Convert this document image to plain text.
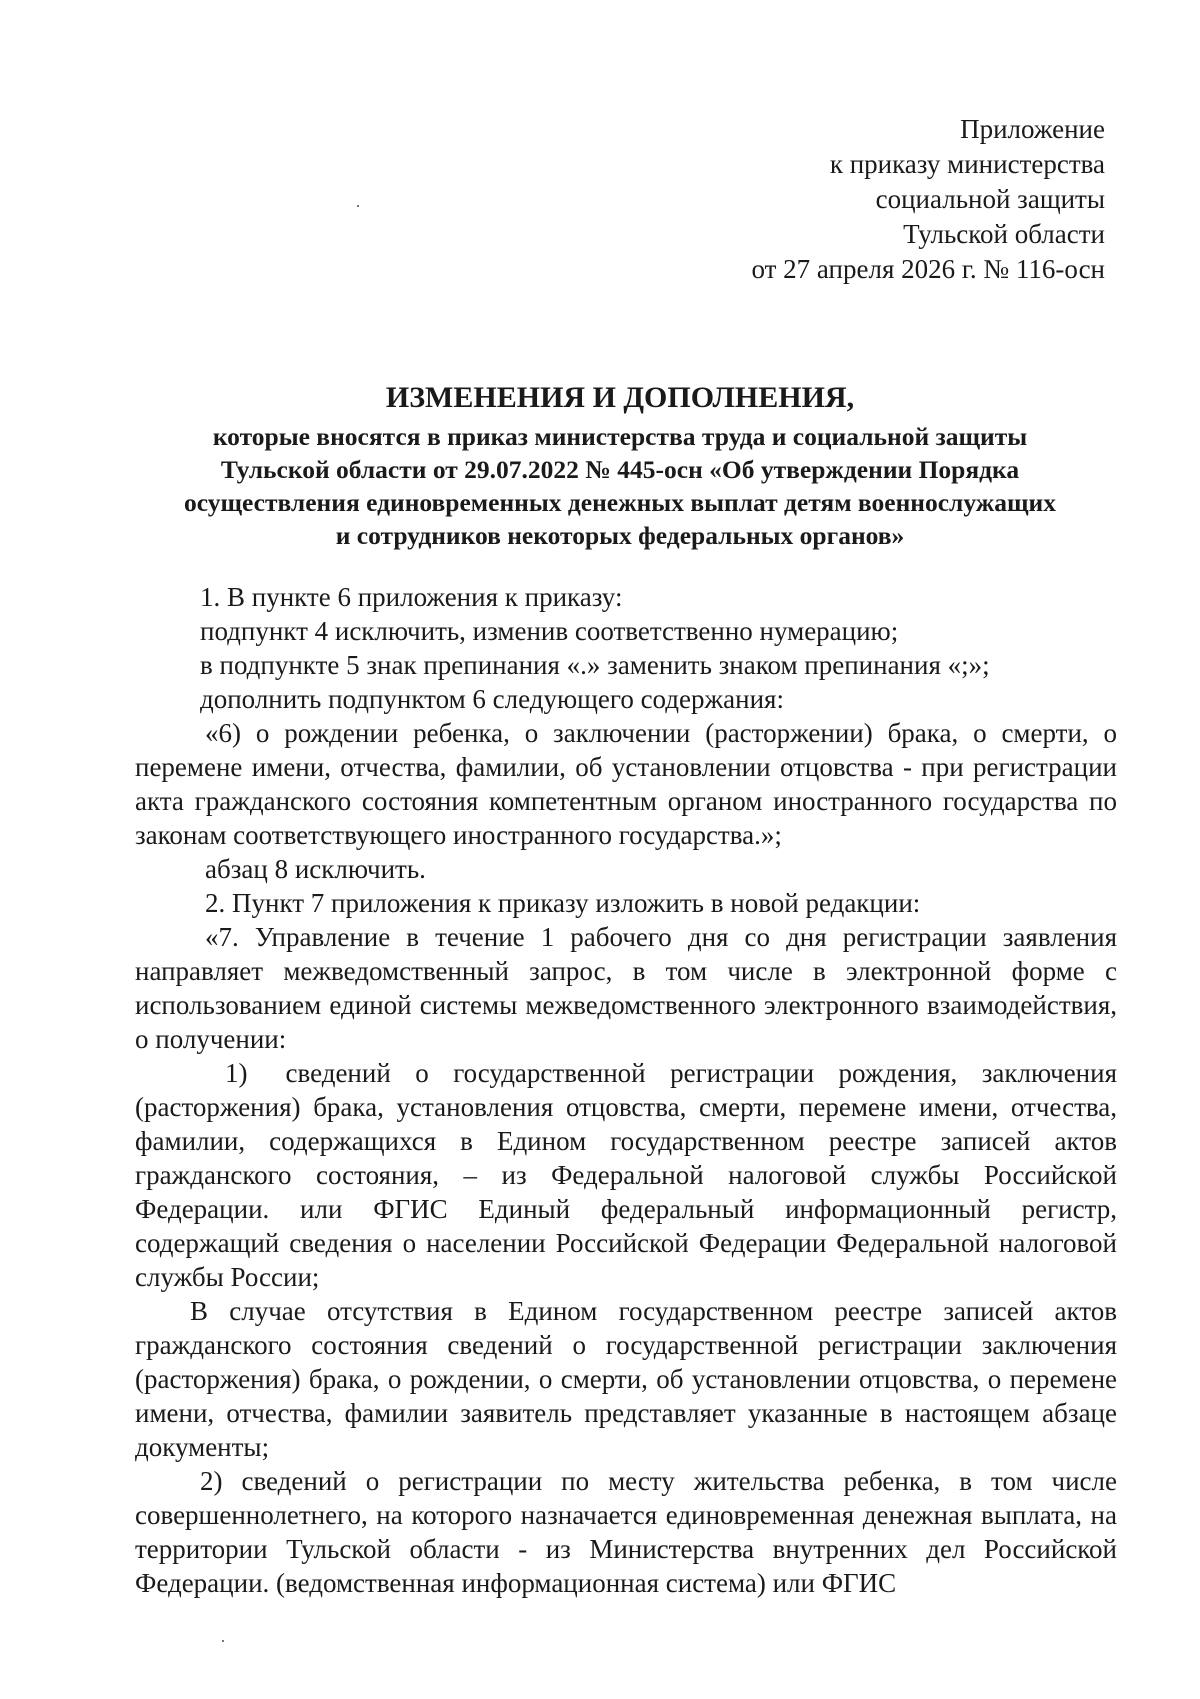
Приложение
к приказу министерства
социальной защиты
Тульской области
от 27 апреля 2026 г. № 116-осн
ИЗМЕНЕНИЯ И ДОПОЛНЕНИЯ,
которые вносятся в приказ министерства труда и социальной защиты
Тульской области от 29.07.2022 № 445-осн «Об утверждении Порядка
осуществления единовременных денежных выплат детям военнослужащих
и сотрудников некоторых федеральных органов»

1. В пункте 6 приложения к приказу:

подпункт 4 исключить, изменив соответственно нумерацию;

в подпункте 5 знак препинания «.» заменить знаком препинания «;»;

дополнить подпунктом 6 следующего содержания:

«6) о рождении ребенка, о заключении (расторжении) брака, о смерти, о перемене имени, отчества, фамилии, об установлении отцовства - при регистрации акта гражданского состояния компетентным органом иностранного государства по законам соответствующего иностранного государства.»;

абзац 8 исключить.

2. Пункт 7 приложения к приказу изложить в новой редакции:

«7. Управление в течение 1 рабочего дня со дня регистрации заявления направляет межведомственный запрос, в том числе в электронной форме с использованием единой системы межведомственного электронного взаимодействия, о получении:

1) сведений о государственной регистрации рождения, заключения (расторжения) брака, установления отцовства, смерти, перемене имени, отчества, фамилии, содержащихся в Едином государственном реестре записей актов гражданского состояния, – из Федеральной налоговой службы Российской Федерации. или ФГИС Единый федеральный информационный регистр, содержащий сведения о населении Российской Федерации Федеральной налоговой службы России;

В случае отсутствия в Едином государственном реестре записей актов гражданского состояния сведений о государственной регистрации заключения (расторжения) брака, о рождении, о смерти, об установлении отцовства, о перемене имени, отчества, фамилии заявитель представляет указанные в настоящем абзаце документы;

2) сведений о регистрации по месту жительства ребенка, в том числе совершеннолетнего, на которого назначается единовременная денежная выплата, на территории Тульской области - из Министерства внутренних дел Российской Федерации. (ведомственная информационная система) или ФГИС
